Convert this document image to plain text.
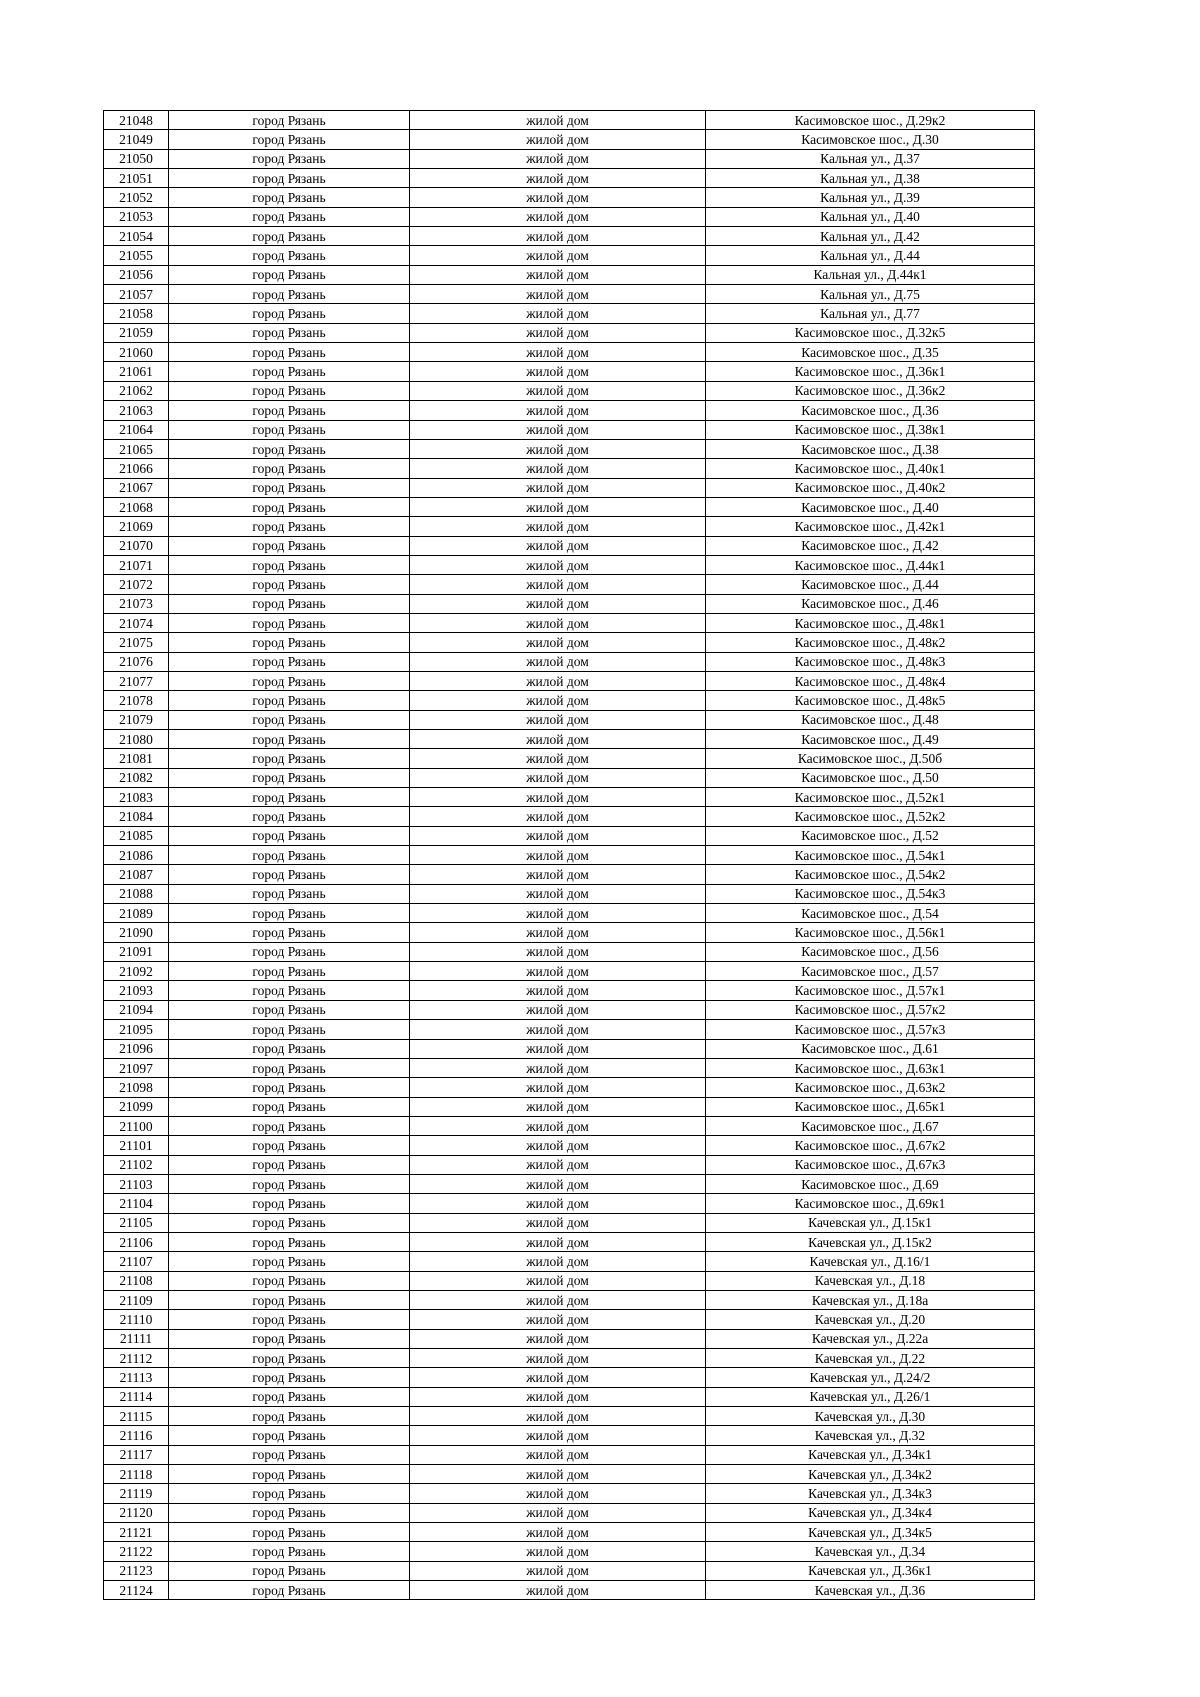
21048	город Рязань	жилой дом	Касимовское шос., Д.29к2
21049	город Рязань	жилой дом	Касимовское шос., Д.30
21050	город Рязань	жилой дом	Кальная ул., Д.37
21051	город Рязань	жилой дом	Кальная ул., Д.38
21052	город Рязань	жилой дом	Кальная ул., Д.39
21053	город Рязань	жилой дом	Кальная ул., Д.40
21054	город Рязань	жилой дом	Кальная ул., Д.42
21055	город Рязань	жилой дом	Кальная ул., Д.44
21056	город Рязань	жилой дом	Кальная ул., Д.44к1
21057	город Рязань	жилой дом	Кальная ул., Д.75
21058	город Рязань	жилой дом	Кальная ул., Д.77
21059	город Рязань	жилой дом	Касимовское шос., Д.32к5
21060	город Рязань	жилой дом	Касимовское шос., Д.35
21061	город Рязань	жилой дом	Касимовское шос., Д.36к1
21062	город Рязань	жилой дом	Касимовское шос., Д.36к2
21063	город Рязань	жилой дом	Касимовское шос., Д.36
21064	город Рязань	жилой дом	Касимовское шос., Д.38к1
21065	город Рязань	жилой дом	Касимовское шос., Д.38
21066	город Рязань	жилой дом	Касимовское шос., Д.40к1
21067	город Рязань	жилой дом	Касимовское шос., Д.40к2
21068	город Рязань	жилой дом	Касимовское шос., Д.40
21069	город Рязань	жилой дом	Касимовское шос., Д.42к1
21070	город Рязань	жилой дом	Касимовское шос., Д.42
21071	город Рязань	жилой дом	Касимовское шос., Д.44к1
21072	город Рязань	жилой дом	Касимовское шос., Д.44
21073	город Рязань	жилой дом	Касимовское шос., Д.46
21074	город Рязань	жилой дом	Касимовское шос., Д.48к1
21075	город Рязань	жилой дом	Касимовское шос., Д.48к2
21076	город Рязань	жилой дом	Касимовское шос., Д.48к3
21077	город Рязань	жилой дом	Касимовское шос., Д.48к4
21078	город Рязань	жилой дом	Касимовское шос., Д.48к5
21079	город Рязань	жилой дом	Касимовское шос., Д.48
21080	город Рязань	жилой дом	Касимовское шос., Д.49
21081	город Рязань	жилой дом	Касимовское шос., Д.50б
21082	город Рязань	жилой дом	Касимовское шос., Д.50
21083	город Рязань	жилой дом	Касимовское шос., Д.52к1
21084	город Рязань	жилой дом	Касимовское шос., Д.52к2
21085	город Рязань	жилой дом	Касимовское шос., Д.52
21086	город Рязань	жилой дом	Касимовское шос., Д.54к1
21087	город Рязань	жилой дом	Касимовское шос., Д.54к2
21088	город Рязань	жилой дом	Касимовское шос., Д.54к3
21089	город Рязань	жилой дом	Касимовское шос., Д.54
21090	город Рязань	жилой дом	Касимовское шос., Д.56к1
21091	город Рязань	жилой дом	Касимовское шос., Д.56
21092	город Рязань	жилой дом	Касимовское шос., Д.57
21093	город Рязань	жилой дом	Касимовское шос., Д.57к1
21094	город Рязань	жилой дом	Касимовское шос., Д.57к2
21095	город Рязань	жилой дом	Касимовское шос., Д.57к3
21096	город Рязань	жилой дом	Касимовское шос., Д.61
21097	город Рязань	жилой дом	Касимовское шос., Д.63к1
21098	город Рязань	жилой дом	Касимовское шос., Д.63к2
21099	город Рязань	жилой дом	Касимовское шос., Д.65к1
21100	город Рязань	жилой дом	Касимовское шос., Д.67
21101	город Рязань	жилой дом	Касимовское шос., Д.67к2
21102	город Рязань	жилой дом	Касимовское шос., Д.67к3
21103	город Рязань	жилой дом	Касимовское шос., Д.69
21104	город Рязань	жилой дом	Касимовское шос., Д.69к1
21105	город Рязань	жилой дом	Качевская ул., Д.15к1
21106	город Рязань	жилой дом	Качевская ул., Д.15к2
21107	город Рязань	жилой дом	Качевская ул., Д.16/1
21108	город Рязань	жилой дом	Качевская ул., Д.18
21109	город Рязань	жилой дом	Качевская ул., Д.18а
21110	город Рязань	жилой дом	Качевская ул., Д.20
21111	город Рязань	жилой дом	Качевская ул., Д.22а
21112	город Рязань	жилой дом	Качевская ул., Д.22
21113	город Рязань	жилой дом	Качевская ул., Д.24/2
21114	город Рязань	жилой дом	Качевская ул., Д.26/1
21115	город Рязань	жилой дом	Качевская ул., Д.30
21116	город Рязань	жилой дом	Качевская ул., Д.32
21117	город Рязань	жилой дом	Качевская ул., Д.34к1
21118	город Рязань	жилой дом	Качевская ул., Д.34к2
21119	город Рязань	жилой дом	Качевская ул., Д.34к3
21120	город Рязань	жилой дом	Качевская ул., Д.34к4
21121	город Рязань	жилой дом	Качевская ул., Д.34к5
21122	город Рязань	жилой дом	Качевская ул., Д.34
21123	город Рязань	жилой дом	Качевская ул., Д.36к1
21124	город Рязань	жилой дом	Качевская ул., Д.36
